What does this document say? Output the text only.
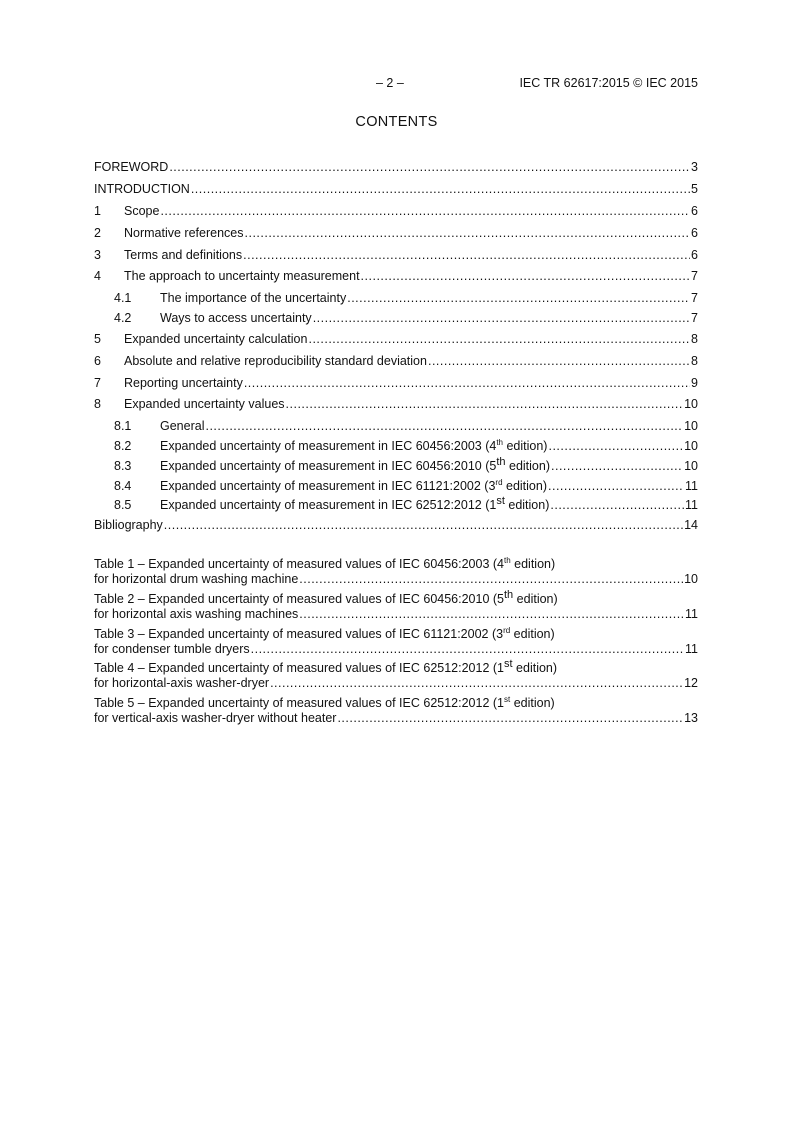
– 2 –	IEC TR 62617:2015 © IEC 2015
CONTENTS
FOREWORD .....	3
INTRODUCTION .....	5
1	Scope .....	6
2	Normative references .....	6
3	Terms and definitions .....	6
4	The approach to uncertainty measurement .....	7
4.1	The importance of the uncertainty .....	7
4.2	Ways to access uncertainty .....	7
5	Expanded uncertainty calculation .....	8
6	Absolute and relative reproducibility standard deviation .....	8
7	Reporting uncertainty .....	9
8	Expanded uncertainty values .....	10
8.1	General .....	10
8.2	Expanded uncertainty of measurement in IEC 60456:2003 (4th edition) .....	10
8.3	Expanded uncertainty of measurement in IEC 60456:2010 (5th edition) .....	10
8.4	Expanded uncertainty of measurement in IEC 61121:2002 (3rd edition) .....	11
8.5	Expanded uncertainty of measurement in IEC 62512:2012 (1st edition) .....	11
Bibliography .....	14
Table 1 – Expanded uncertainty of measured values of IEC 60456:2003 (4th edition)
for horizontal drum washing machine .....	10
Table 2 – Expanded uncertainty of measured values of IEC 60456:2010 (5th edition)
for horizontal axis washing machines .....	11
Table 3 – Expanded uncertainty of measured values of IEC 61121:2002 (3rd edition)
for condenser tumble dryers .....	11
Table 4 – Expanded uncertainty of measured values of IEC 62512:2012 (1st edition)
for horizontal-axis washer-dryer .....	12
Table 5 – Expanded uncertainty of measured values of IEC 62512:2012 (1st edition)
for vertical-axis washer-dryer without heater .....	13
